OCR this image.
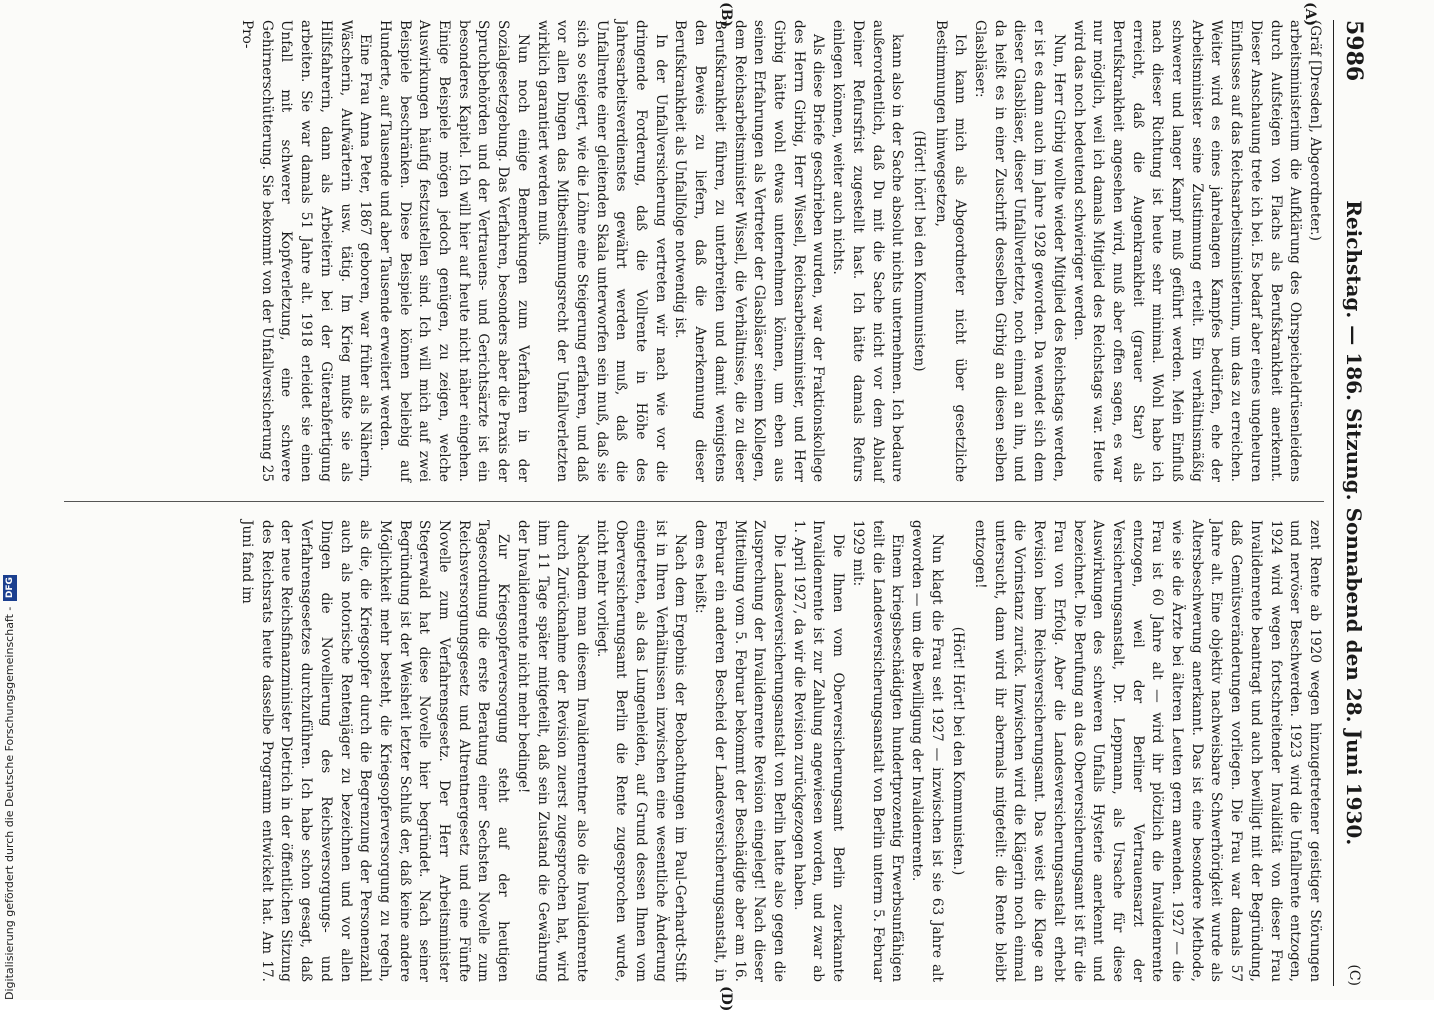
5986
Reichstag. — 186. Sitzung. Sonnabend den 28. Juni 1930.
(C)
(A)
(B)
(D)

(Gräf [Dresden], Abgeordneter.)

arbeitsministerium die Aufklärung des Ohrspeicheldrüsenleidens durch Aufsteigen von Flachs als Berufskrankheit anerkennt. Dieser Anschauung trete ich bei. Es bedarf aber eines ungeheuren Einflusses auf das Reichsarbeitsministerium, um das zu erreichen. Weiter wird es eines jahrelangen Kampfes bedürfen, ehe der Arbeitsminister seine Zustimmung erteilt. Ein verhältnismäßig schwerer und langer Kampf muß geführt werden. Mein Einfluß nach dieser Richtung ist heute sehr minimal. Wohl habe ich erreicht, daß die Augenkrankheit (grauer Star) als Berufskrankheit angesehen wird, muß aber offen sagen, es war nur möglich, weil ich damals Mitglied des Reichstags war. Heute wird das noch bedeutend schwieriger werden.

Nun, Herr Girbig wollte wieder Mitglied des Reichstags werden, er ist es dann auch im Jahre 1928 geworden. Da wendet sich dem dieser Glasbläser, dieser Unfallverletzte, noch einmal an ihn, und da heißt es in einer Zuschrift desselben Girbig an diesen selben Glasbläser:

Ich kann mich als Abgeordneter nicht über gesetzliche Bestimmungen hinwegsetzen,

(Hört! hört! bei den Kommunisten)

kann also in der Sache absolut nichts unternehmen. Ich bedaure außerordentlich, daß Du mit die Sache nicht vor dem Ablauf Deiner Refursfrist zugestellt hast. Ich hätte damals Refurs einlegen können, weiter auch nichts.

Als diese Briefe geschrieben wurden, war der Fraktionskollege des Herrn Girbig, Herr Wissell, Reichsarbeitsminister, und Herr Girbig hätte wohl etwas unternehmen können, um eben aus seinen Erfahrungen als Vertreter der Glasbläser seinem Kollegen, dem Reichsarbeitsminister Wissell, die Verhältnisse, die zu dieser Berufskrankheit führen, zu unterbreiten und damit wenigstens den Beweis zu liefern, daß die Anerkennung dieser Berufskrankheit als Unfallfolge notwendig ist.

In der Unfallversicherung vertreten wir nach wie vor die dringende Forderung, daß die Vollrente in Höhe des Jahresarbeitsverdienstes gewährt werden muß, daß die Unfallrente einer gleitenden Skala unterworfen sein muß, daß sie sich so steigert, wie die Löhne eine Steigerung erfahren, und daß vor allen Dingen das Mitbestimmungsrecht der Unfallverletzten wirklich garantiert werden muß.

Nun noch einige Bemerkungen zum Verfahren in der Sozialgesetzgebung. Das Verfahren, besonders aber die Praxis der Spruchbehörden und der Vertrauens- und Gerichtsärzte ist ein besonderes Kapitel. Ich will hier auf heute nicht näher eingehen. Einige Beispiele mögen jedoch genügen, zu zeigen, welche Auswirkungen häufig festzustellen sind. Ich will mich auf zwei Beispiele beschränken. Diese Beispiele können beliebig auf Hunderte, auf Tausende und aber Tausende erweitert werden.

Eine Frau Anna Peter, 1867 geboren, war früher als Näherin, Wäscherin, Aufwärterin usw. tätig. Im Krieg mußte sie als Hilfsfahrerin, dann als Arbeiterin bei der Güterabfertigung arbeiten. Sie war damals 51 Jahre alt. 1918 erleidet sie einen Unfall mit schwerer Kopfverletzung, eine schwere Gehirnerschütterung. Sie bekommt von der Unfallversicherung 25 Pro-

zent Rente ab 1920 wegen hinzugetretener geistiger Störungen und nervöser Beschwerden. 1923 wird die Unfallrente entzogen, 1924 wird wegen fortschreitender Invalidität von dieser Frau Invalidenrente beantragt und auch bewilligt mit der Begründung, daß Gemütsveränderungen vorliegen. Die Frau war damals 57 Jahre alt. Eine objektiv nachweisbare Schwerhörigkeit wurde als Altersbeschwerung anerkannt. Das ist eine besondere Methode, wie sie die Ärzte bei älteren Leuten gern anwenden. 1927 — die Frau ist 60 Jahre alt — wird ihr plötzlich die Invalidenrente entzogen, weil der Berliner Vertrauensarzt der Versicherungsanstalt, Dr. Leppmann, als Ursache für diese Auswirkungen des schweren Unfalls Hysterie anerkennt und bezeichnet. Die Berufung an das Oberversicherungsamt ist für die Frau von Erfolg. Aber die Landesversicherungsanstalt erhebt Revision beim Reichsversicherungsamt. Das weist die Klage an die Vorinstanz zurück. Inzwischen wird die Klägerin noch einmal untersucht, dann wird ihr abermals mitgeteilt: die Rente bleibt entzogen!

(Hört! Hört! bei den Kommunisten.)

Nun klagt die Frau seit 1927 — inzwischen ist sie 63 Jahre alt geworden — um die Bewilligung der Invalidenrente.

Einem kriegsbeschädigten hundertprozentig Erwerbsunfähigen teilt die Landesversicherungsanstalt von Berlin unterm 5. Februar 1929 mit:

Die Ihnen vom Oberversicherungsamt Berlin zuerkannte Invalidenrente ist zur Zahlung angewiesen worden, und zwar ab 1. April 1927, da wir die Revision zurückgezogen haben.

Die Landesversicherungsanstalt von Berlin hatte also gegen die Zusprechung der Invalidenrente Revision eingelegt! Nach dieser Mitteilung vom 5. Februar bekommt der Beschädigte aber am 16. Februar ein anderen Bescheid der Landesversicherungsanstalt, in dem es heißt:

Nach dem Ergebnis der Beobachtungen im Paul-Gerhardt-Stift ist in Ihren Verhältnissen inzwischen eine wesentliche Änderung eingetreten, als das Lungenleiden, auf Grund dessen Ihnen vom Oberversicherungsamt Berlin die Rente zugesprochen wurde, nicht mehr vorliegt.

Nachdem man diesem Invalidenrentner also die Invalidenrente durch Zurücknahme der Revision zuerst zugesprochen hat, wird ihm 11 Tage später mitgeteilt, daß sein Zustand die Gewährung der Invalidenrente nicht mehr bedinge!

Zur Kriegsopferversorgung steht auf der heutigen Tagesordnung die erste Beratung einer Sechsten Novelle zum Reichsversorgungsgesetz und Altrentnergesetz und eine Fünfte Novelle zum Verfahrensgesetz. Der Herr Arbeitsminister Stegerwald hat diese Novelle hier begründet. Nach seiner Begründung ist der Weisheit letzter Schluß der, daß keine andere Möglichkeit mehr besteht, die Kriegsopferversorgung zu regeln, als die, die Kriegsopfer durch die Begrenzung der Personenzahl auch als notorische Rentenjäger zu bezeichnen und vor allen Dingen die Novellierung des Reichsversorgungs- und Verfahrensgesetzes durchzuführen. Ich habe schon gesagt, daß der neue Reichsfinanzminister Dietrich in der öffentlichen Sitzung des Reichsrats heute dasselbe Programm entwickelt hat. Am 17. Juni fand im

Digitalisierung gefördert durch die Deutsche Forschungsgemeinschaft -
DFG
